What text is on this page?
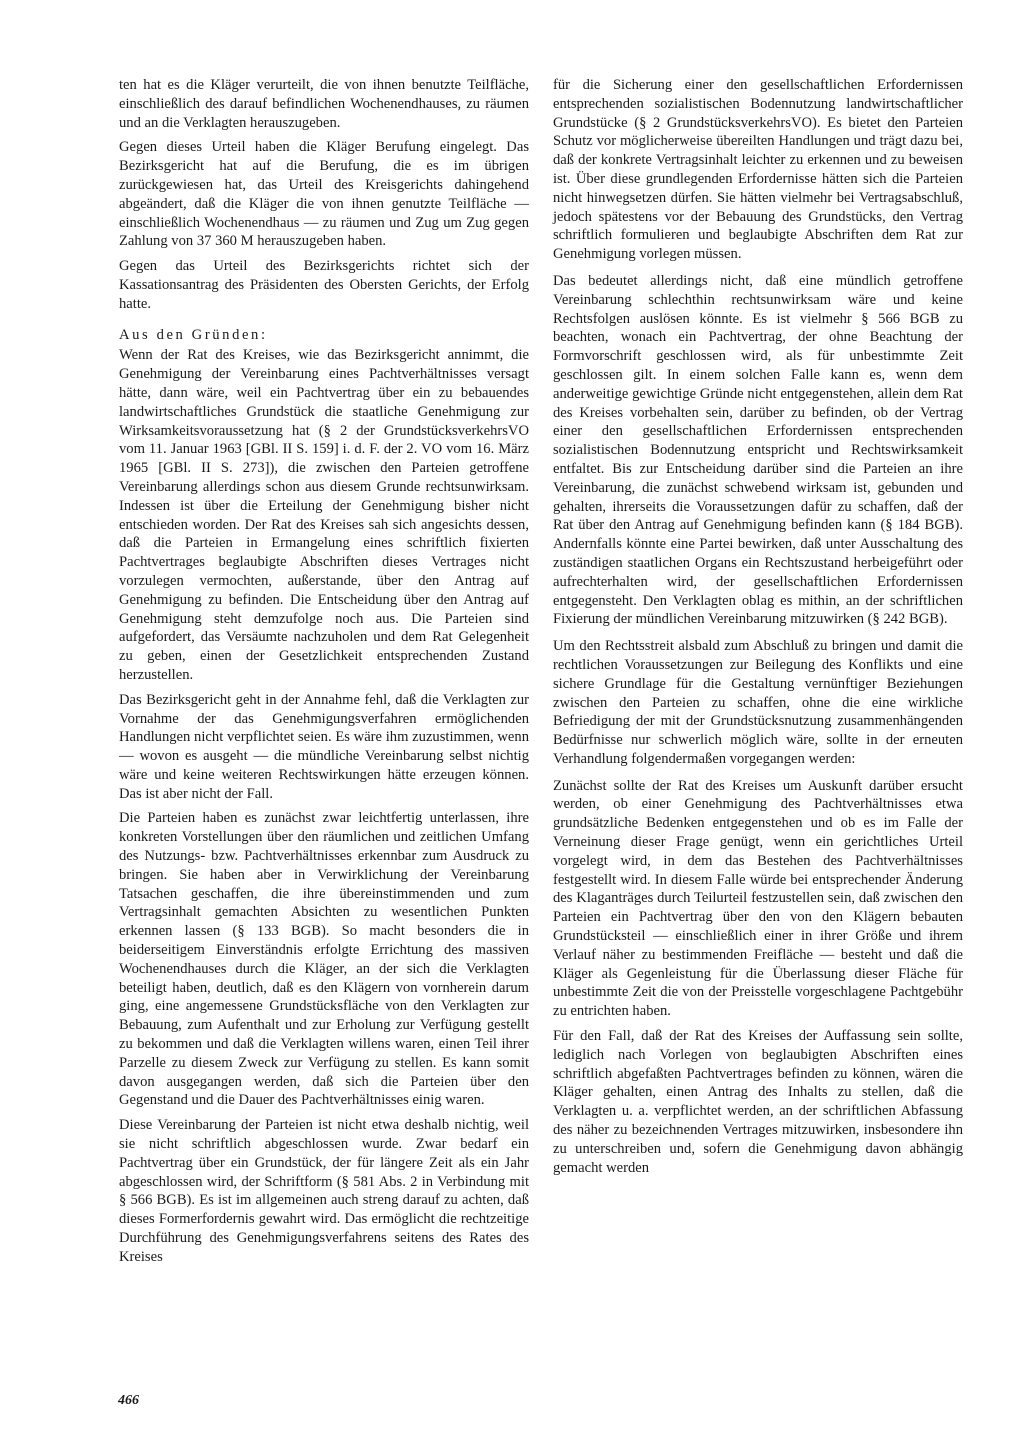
ten hat es die Kläger verurteilt, die von ihnen benutzte Teilfläche, einschließlich des darauf befindlichen Wochenendhauses, zu räumen und an die Verklagten herauszugeben.

Gegen dieses Urteil haben die Kläger Berufung eingelegt. Das Bezirksgericht hat auf die Berufung, die es im übrigen zurückgewiesen hat, das Urteil des Kreisgerichts dahingehend abgeändert, daß die Kläger die von ihnen genutzte Teilfläche — einschließlich Wochenendhaus — zu räumen und Zug um Zug gegen Zahlung von 37 360 M herauszugeben haben.

Gegen das Urteil des Bezirksgerichts richtet sich der Kassationsantrag des Präsidenten des Obersten Gerichts, der Erfolg hatte.

Aus den Gründen:

Wenn der Rat des Kreises, wie das Bezirksgericht annimmt, die Genehmigung der Vereinbarung eines Pachtverhältnisses versagt hätte, dann wäre, weil ein Pachtvertrag über ein zu bebauendes landwirtschaftliches Grundstück die staatliche Genehmigung zur Wirksamkeitsvoraussetzung hat (§ 2 der GrundstücksverkehrsVO vom 11. Januar 1963 [GBl. II S. 159] i. d. F. der 2. VO vom 16. März 1965 [GBl. II S. 273]), die zwischen den Parteien getroffene Vereinbarung allerdings schon aus diesem Grunde rechtsunwirksam. Indessen ist über die Erteilung der Genehmigung bisher nicht entschieden worden. Der Rat des Kreises sah sich angesichts dessen, daß die Parteien in Ermangelung eines schriftlich fixierten Pachtvertrages beglaubigte Abschriften dieses Vertrages nicht vorzulegen vermochten, außerstande, über den Antrag auf Genehmigung zu befinden. Die Entscheidung über den Antrag auf Genehmigung steht demzufolge noch aus. Die Parteien sind aufgefordert, das Versäumte nachzuholen und dem Rat Gelegenheit zu geben, einen der Gesetzlichkeit entsprechenden Zustand herzustellen.

Das Bezirksgericht geht in der Annahme fehl, daß die Verklagten zur Vornahme der das Genehmigungsverfahren ermöglichenden Handlungen nicht verpflichtet seien. Es wäre ihm zuzustimmen, wenn — wovon es ausgeht — die mündliche Vereinbarung selbst nichtig wäre und keine weiteren Rechtswirkungen hätte erzeugen können. Das ist aber nicht der Fall.

Die Parteien haben es zunächst zwar leichtfertig unterlassen, ihre konkreten Vorstellungen über den räumlichen und zeitlichen Umfang des Nutzungs- bzw. Pachtverhältnisses erkennbar zum Ausdruck zu bringen. Sie haben aber in Verwirklichung der Vereinbarung Tatsachen geschaffen, die ihre übereinstimmenden und zum Vertragsinhalt gemachten Absichten zu wesentlichen Punkten erkennen lassen (§ 133 BGB). So macht besonders die in beiderseitigem Einverständnis erfolgte Errichtung des massiven Wochenendhauses durch die Kläger, an der sich die Verklagten beteiligt haben, deutlich, daß es den Klägern von vornherein darum ging, eine angemessene Grundstücksfläche von den Verklagten zur Bebauung, zum Aufenthalt und zur Erholung zur Verfügung gestellt zu bekommen und daß die Verklagten willens waren, einen Teil ihrer Parzelle zu diesem Zweck zur Verfügung zu stellen. Es kann somit davon ausgegangen werden, daß sich die Parteien über den Gegenstand und die Dauer des Pachtverhältnisses einig waren.

Diese Vereinbarung der Parteien ist nicht etwa deshalb nichtig, weil sie nicht schriftlich abgeschlossen wurde. Zwar bedarf ein Pachtvertrag über ein Grundstück, der für längere Zeit als ein Jahr abgeschlossen wird, der Schriftform (§ 581 Abs. 2 in Verbindung mit § 566 BGB). Es ist im allgemeinen auch streng darauf zu achten, daß dieses Formerfordernis gewahrt wird. Das ermöglicht die rechtzeitige Durchführung des Genehmigungsverfahrens seitens des Rates des Kreises

für die Sicherung einer den gesellschaftlichen Erfordernissen entsprechenden sozialistischen Bodennutzung landwirtschaftlicher Grundstücke (§ 2 GrundstücksverkehrsVO). Es bietet den Parteien Schutz vor möglicherweise übereilten Handlungen und trägt dazu bei, daß der konkrete Vertragsinhalt leichter zu erkennen und zu beweisen ist. Über diese grundlegenden Erfordernisse hätten sich die Parteien nicht hinwegsetzen dürfen. Sie hätten vielmehr bei Vertragsabschluß, jedoch spätestens vor der Bebauung des Grundstücks, den Vertrag schriftlich formulieren und beglaubigte Abschriften dem Rat zur Genehmigung vorlegen müssen.

Das bedeutet allerdings nicht, daß eine mündlich getroffene Vereinbarung schlechthin rechtsunwirksam wäre und keine Rechtsfolgen auslösen könnte. Es ist vielmehr § 566 BGB zu beachten, wonach ein Pachtvertrag, der ohne Beachtung der Formvorschrift geschlossen wird, als für unbestimmte Zeit geschlossen gilt. In einem solchen Falle kann es, wenn dem anderweitige gewichtige Gründe nicht entgegenstehen, allein dem Rat des Kreises vorbehalten sein, darüber zu befinden, ob der Vertrag einer den gesellschaftlichen Erfordernissen entsprechenden sozialistischen Bodennutzung entspricht und Rechtswirksamkeit entfaltet. Bis zur Entscheidung darüber sind die Parteien an ihre Vereinbarung, die zunächst schwebend wirksam ist, gebunden und gehalten, ihrerseits die Voraussetzungen dafür zu schaffen, daß der Rat über den Antrag auf Genehmigung befinden kann (§ 184 BGB). Andernfalls könnte eine Partei bewirken, daß unter Ausschaltung des zuständigen staatlichen Organs ein Rechtszustand herbeigeführt oder aufrechterhalten wird, der gesellschaftlichen Erfordernissen entgegensteht. Den Verklagten oblag es mithin, an der schriftlichen Fixierung der mündlichen Vereinbarung mitzuwirken (§ 242 BGB).

Um den Rechtsstreit alsbald zum Abschluß zu bringen und damit die rechtlichen Voraussetzungen zur Beilegung des Konflikts und eine sichere Grundlage für die Gestaltung vernünftiger Beziehungen zwischen den Parteien zu schaffen, ohne die eine wirkliche Befriedigung der mit der Grundstücksnutzung zusammenhängenden Bedürfnisse nur schwerlich möglich wäre, sollte in der erneuten Verhandlung folgendermaßen vorgegangen werden:

Zunächst sollte der Rat des Kreises um Auskunft darüber ersucht werden, ob einer Genehmigung des Pachtverhältnisses etwa grundsätzliche Bedenken entgegenstehen und ob es im Falle der Verneinung dieser Frage genügt, wenn ein gerichtliches Urteil vorgelegt wird, in dem das Bestehen des Pachtverhältnisses festgestellt wird. In diesem Falle würde bei entsprechender Änderung des Klaganträges durch Teilurteil festzustellen sein, daß zwischen den Parteien ein Pachtvertrag über den von den Klägern bebauten Grundstücksteil — einschließlich einer in ihrer Größe und ihrem Verlauf näher zu bestimmenden Freifläche — besteht und daß die Kläger als Gegenleistung für die Überlassung dieser Fläche für unbestimmte Zeit die von der Preisstelle vorgeschlagene Pachtgebühr zu entrichten haben.

Für den Fall, daß der Rat des Kreises der Auffassung sein sollte, lediglich nach Vorlegen von beglaubigten Abschriften eines schriftlich abgefaßten Pachtvertrages befinden zu können, wären die Kläger gehalten, einen Antrag des Inhalts zu stellen, daß die Verklagten u. a. verpflichtet werden, an der schriftlichen Abfassung des näher zu bezeichnenden Vertrages mitzuwirken, insbesondere ihn zu unterschreiben und, sofern die Genehmigung davon abhängig gemacht werden

466
